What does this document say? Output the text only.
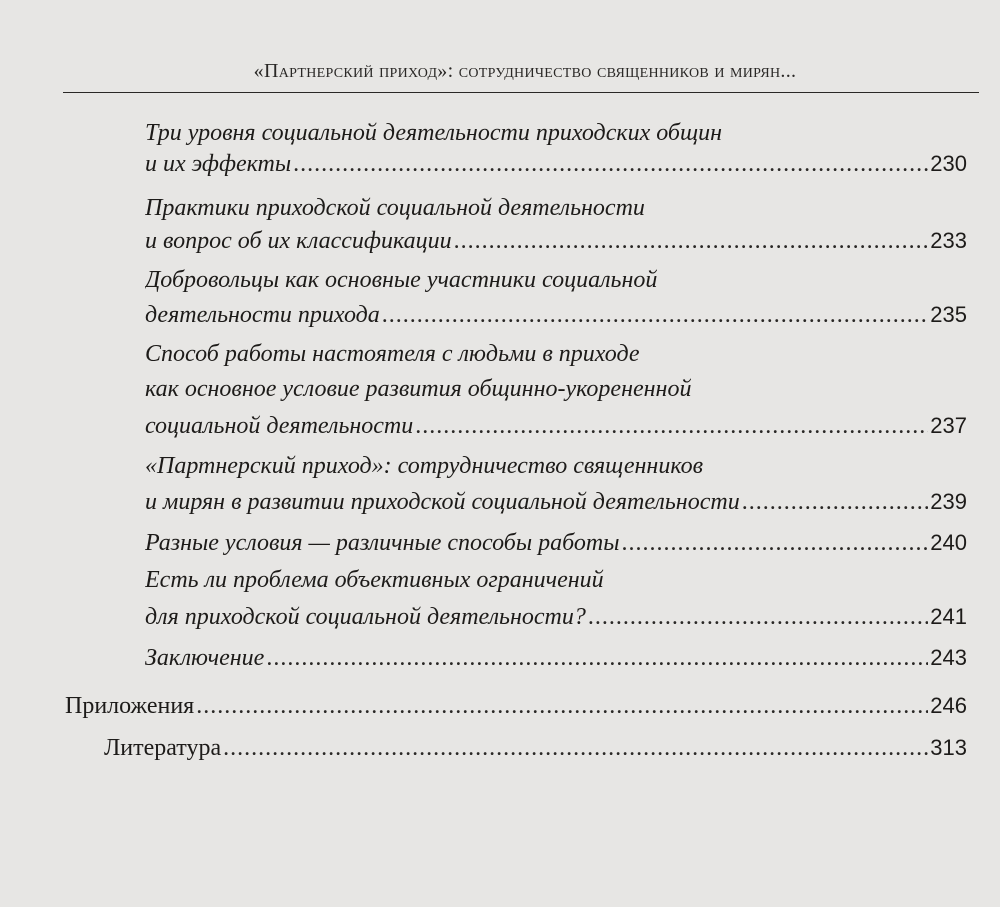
«Партнерский приход»: сотрудничество священников и мирян...
Три уровня социальной деятельности приходских общин
и их эффекты .....	230
Практики приходской социальной деятельности
и вопрос об их классификации .....	233
Добровольцы как основные участники социальной
деятельности прихода .....	235
Способ работы настоятеля с людьми в приходе
как основное условие развития общинно-укорененной
социальной деятельности .....	237
«Партнерский приход»: сотрудничество священников
и мирян в развитии приходской социальной деятельности .....	239
Разные условия — различные способы работы .....	240
Есть ли проблема объективных ограничений
для приходской социальной деятельности? .....	241
Заключение .....	243
Приложения .....	246
Литература .....	313
